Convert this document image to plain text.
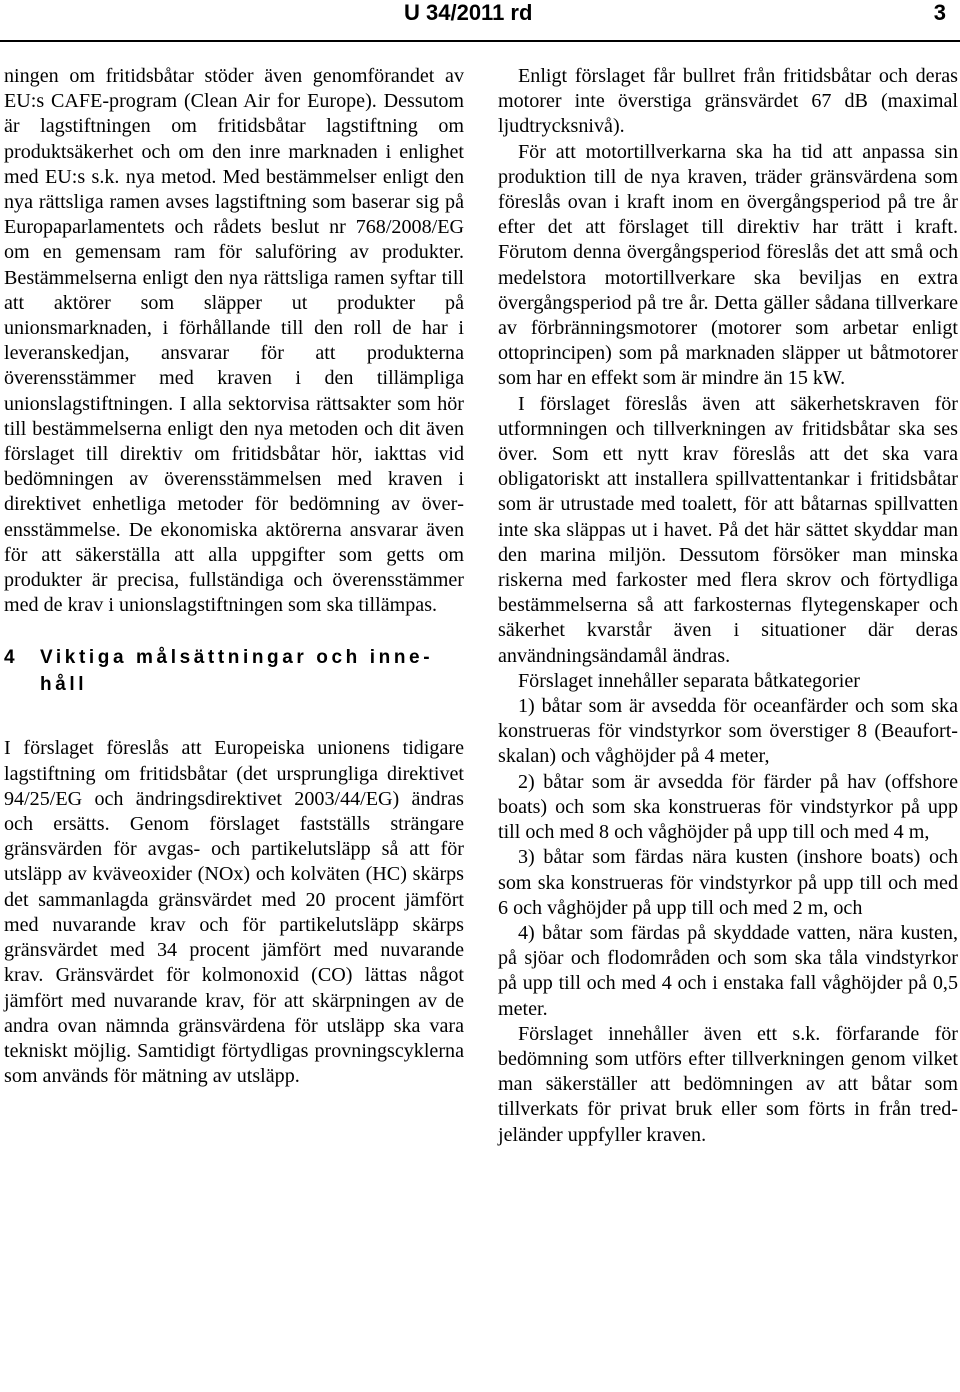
U 34/2011 rd	3

ningen om fritidsbåtar stöder även genomförandet av EU:s CAFE-program (Clean Air for Europe). Dessutom är lagstiftningen om fritidsbåtar lagstiftning om produktsäkerhet och om den inre marknaden i enlighet med EU:s s.k. nya metod. Med bestämmelser enligt den nya rättsliga ramen avses lagstiftning som baserar sig på Europaparlamentets och rådets beslut nr 768/2008/EG om en gemensam ram för saluföring av produkter. Bestämmelserna enligt den nya rättsliga ramen syftar till att aktörer som släpper ut produkter på unionsmarknaden, i förhållande till den roll de har i leveranskedjan, ansvarar för att produkterna överensstämmer med kraven i den tillämpliga unionslagstiftningen. I alla sektorvisa rättsakter som hör till bestämmelserna enligt den nya metoden och dit även förslaget till direktiv om fritidsbåtar hör, iakttas vid bedömningen av överensstämmelsen med kraven i direktivet enhetliga metoder för bedömning av överensstämmelse. De ekonomiska aktörerna ansvarar även för att säkerställa att alla uppgifter som getts om produkter är precisa, fullständiga och överensstämmer med de krav i unionslagstiftningen som ska tillämpas.

4 Viktiga målsättningar och inne-
håll

I förslaget föreslås att Europeiska unionens tidigare lagstiftning om fritidsbåtar (det ursprungliga direktivet 94/25/EG och ändringsdirektivet 2003/44/EG) ändras och ersätts. Genom förslaget fastställs strängare gränsvärden för avgas- och partikelutsläpp så att för utsläpp av kväveoxider (NOx) och kolväten (HC) skärps det sammanlagda gränsvärdet med 20 procent jämfört med nuvarande krav och för partikelutsläpp skärps gränsvärdet med 34 procent jämfört med nuvarande krav. Gränsvärdet för kolmonoxid (CO) lättas något jämfört med nuvarande krav, för att skärpningen av de andra ovan nämnda gränsvärdena för utsläpp ska vara tekniskt möjlig. Samtidigt förtydligas provningscyklerna som används för mätning av utsläpp.

Enligt förslaget får bullret från fritidsbåtar och deras motorer inte överstiga gränsvärdet 67 dB (maximal ljudtrycksnivå).

För att motortillverkarna ska ha tid att anpassa sin produktion till de nya kraven, träder gränsvärdena som föreslås ovan i kraft inom en övergångsperiod på tre år efter det att förslaget till direktiv har trätt i kraft. Förutom denna övergångsperiod föreslås det att små och medelstora motortillverkare ska beviljas en extra övergångsperiod på tre år. Detta gäller sådana tillverkare av förbränningsmotorer (motorer som arbetar enligt ottoprincipen) som på marknaden släpper ut båtmotorer som har en effekt som är mindre än 15 kW.

I förslaget föreslås även att säkerhetskraven för utformningen och tillverkningen av fritidsbåtar ska ses över. Som ett nytt krav föreslås att det ska vara obligatoriskt att installera spillvattentankar i fritidsbåtar som är utrustade med toalett, för att båtarnas spillvatten inte ska släppas ut i havet. På det här sättet skyddar man den marina miljön. Dessutom försöker man minska riskerna med farkoster med flera skrov och förtydliga bestämmelserna så att farkosternas flytegenskaper och säkerhet kvarstår även i situationer där deras användningsändamål ändras.

Förslaget innehåller separata båtkategorier

1) båtar som är avsedda för oceanfärder och som ska konstrueras för vindstyrkor som överstiger 8 (Beaufort-skalan) och våghöjder på 4 meter,

2) båtar som är avsedda för färder på hav (offshore boats) och som ska konstrueras för vindstyrkor på upp till och med 8 och våghöjder på upp till och med 4 m,

3) båtar som färdas nära kusten (inshore boats) och som ska konstrueras för vindstyrkor på upp till och med 6 och våghöjder på upp till och med 2 m, och

4) båtar som färdas på skyddade vatten, nära kusten, på sjöar och flodområden och som ska tåla vindstyrkor på upp till och med 4 och i enstaka fall våghöjder på 0,5 meter.

Förslaget innehåller även ett s.k. förfarande för bedömning som utförs efter tillverkningen genom vilket man säkerställer att bedömningen av att båtar som tillverkats för privat bruk eller som förts in från tredjeländer uppfyller kraven.
